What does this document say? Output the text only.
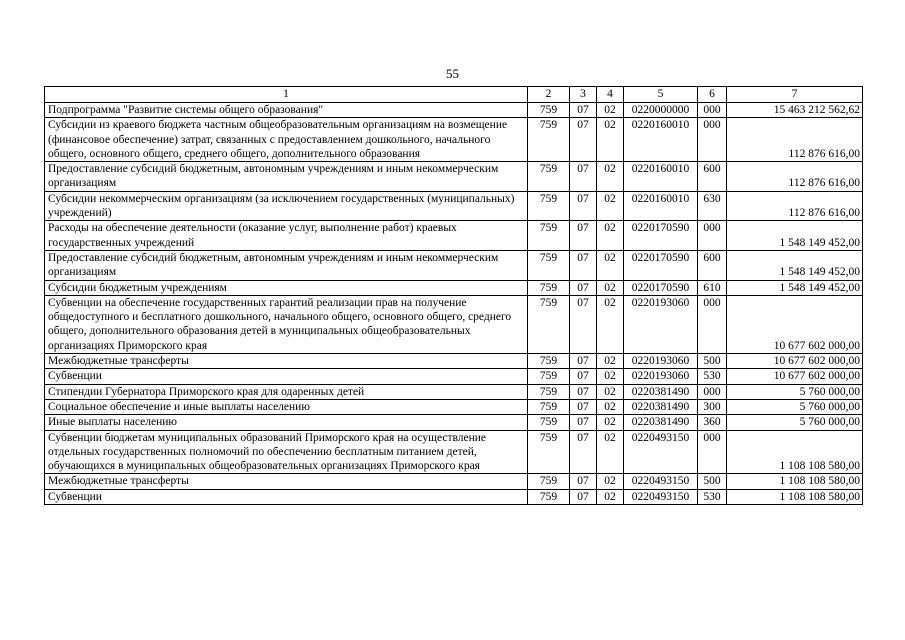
55
1	2	3	4	5	6	7
Подпрограмма "Развитие системы общего образования"	759	07	02	0220000000	000	15 463 212 562,62
Субсидии из краевого бюджета частным общеобразовательным организациям на возмещение (финансовое обеспечение) затрат, связанных с предоставлением дошкольного, начального общего, основного общего, среднего общего, дополнительного образования	759	07	02	0220160010	000	112 876 616,00
Предоставление субсидий бюджетным, автономным учреждениям и иным некоммерческим организациям	759	07	02	0220160010	600	112 876 616,00
Субсидии некоммерческим организациям (за исключением государственных (муниципальных) учреждений)	759	07	02	0220160010	630	112 876 616,00
Расходы на обеспечение деятельности (оказание услуг, выполнение работ) краевых государственных учреждений	759	07	02	0220170590	000	1 548 149 452,00
Предоставление субсидий бюджетным, автономным учреждениям и иным некоммерческим организациям	759	07	02	0220170590	600	1 548 149 452,00
Субсидии бюджетным учреждениям	759	07	02	0220170590	610	1 548 149 452,00
Субвенции на обеспечение государственных гарантий реализации прав на получение общедоступного и бесплатного дошкольного, начального общего, основного общего, среднего общего, дополнительного образования детей в муниципальных общеобразовательных организациях Приморского края	759	07	02	0220193060	000	10 677 602 000,00
Межбюджетные трансферты	759	07	02	0220193060	500	10 677 602 000,00
Субвенции	759	07	02	0220193060	530	10 677 602 000,00
Стипендии Губернатора Приморского края для одаренных детей	759	07	02	0220381490	000	5 760 000,00
Социальное обеспечение и иные выплаты населению	759	07	02	0220381490	300	5 760 000,00
Иные выплаты населению	759	07	02	0220381490	360	5 760 000,00
Субвенции бюджетам муниципальных образований Приморского края на осуществление отдельных государственных полномочий по обеспечению бесплатным питанием детей, обучающихся в муниципальных общеобразовательных организациях Приморского края	759	07	02	0220493150	000	1 108 108 580,00
Межбюджетные трансферты	759	07	02	0220493150	500	1 108 108 580,00
Субвенции	759	07	02	0220493150	530	1 108 108 580,00
